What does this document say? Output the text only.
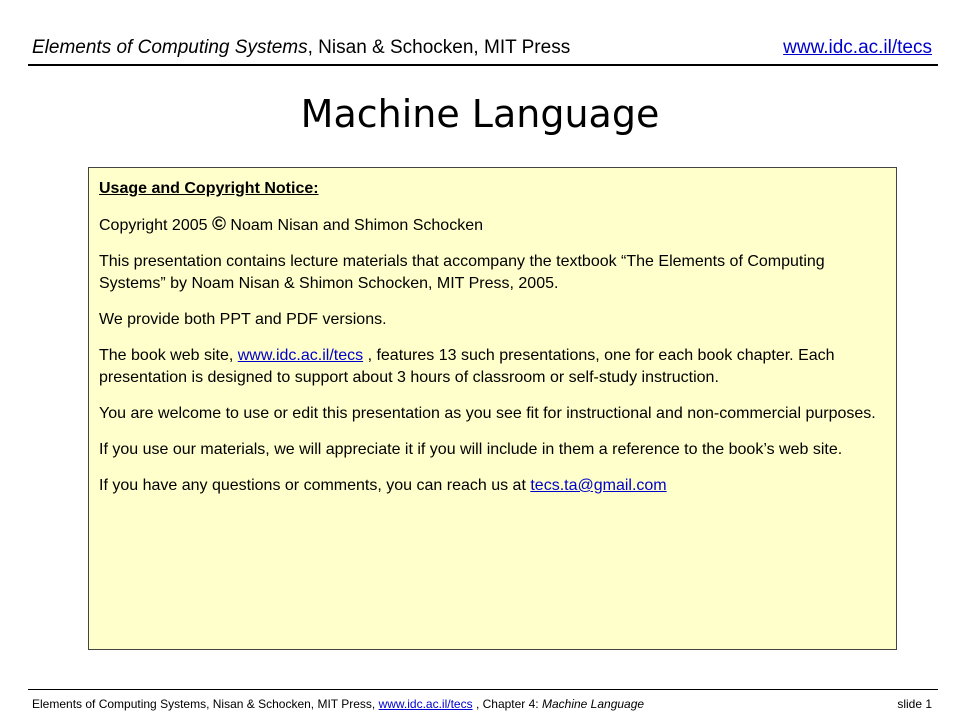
Elements of Computing Systems, Nisan & Schocken, MIT Press	www.idc.ac.il/tecs
Machine Language

Usage and Copyright Notice:

Copyright 2005 © Noam Nisan and Shimon Schocken

This presentation contains lecture materials that accompany the textbook “The Elements of Computing Systems” by Noam Nisan & Shimon Schocken, MIT Press, 2005.

We provide both PPT and PDF versions.

The book web site, www.idc.ac.il/tecs , features 13 such presentations, one for each book chapter. Each presentation is designed to support about 3 hours of classroom or self-study instruction.

You are welcome to use or edit this presentation as you see fit for instructional and non-commercial purposes.

If you use our materials, we will appreciate it if you will include in them a reference to the book’s web site.

If you have any questions or comments, you can reach us at tecs.ta@gmail.com

Elements of Computing Systems, Nisan & Schocken, MIT Press, www.idc.ac.il/tecs , Chapter 4: Machine Language	slide 1
